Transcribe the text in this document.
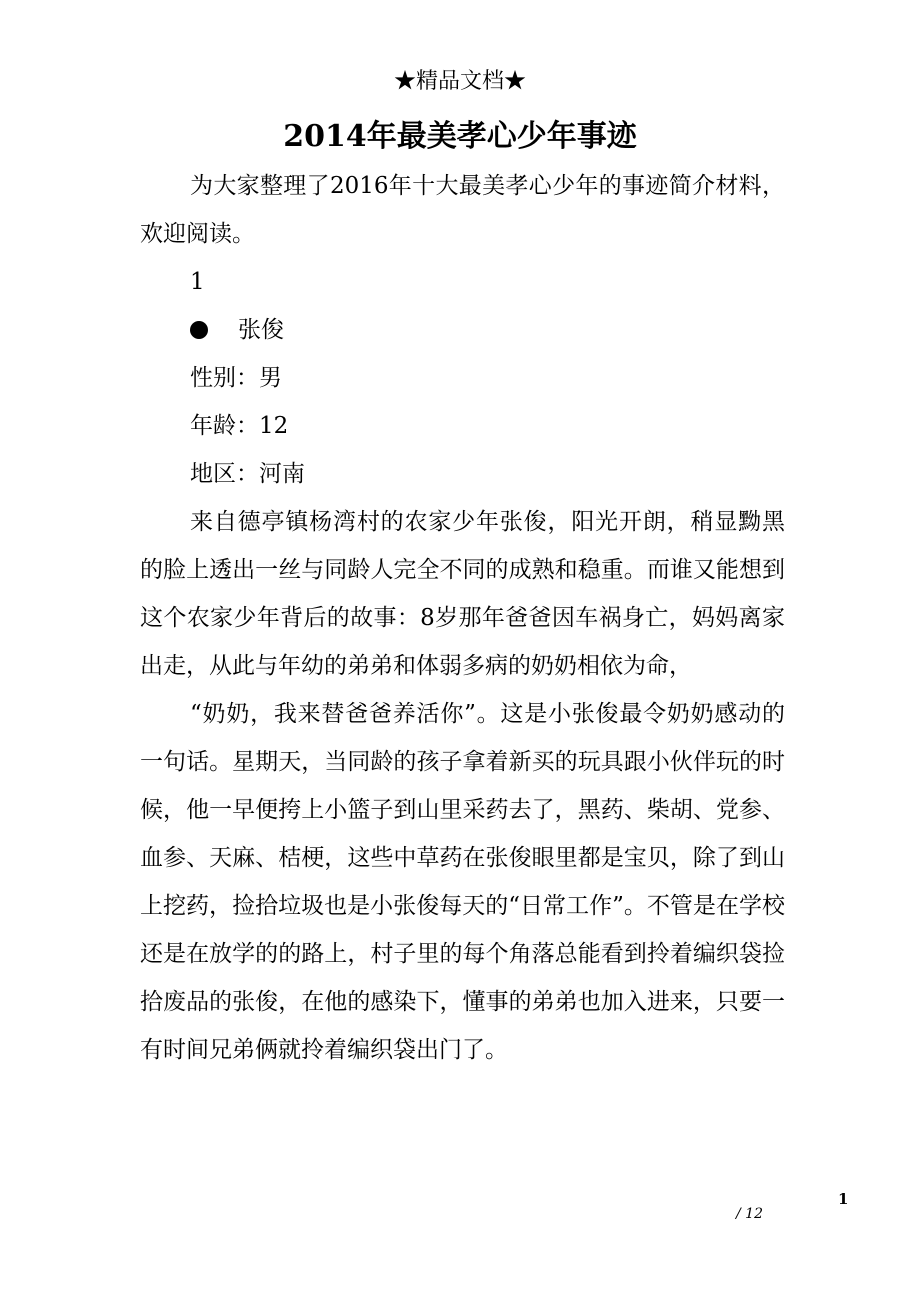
★精品文档★
2014年最美孝心少年事迹

为大家整理了2016年十大最美孝心少年的事迹简介材料，欢迎阅读。

1

张俊

性别：男

年龄：12

地区：河南

来自德亭镇杨湾村的农家少年张俊，阳光开朗，稍显黝黑的脸上透出一丝与同龄人完全不同的成熟和稳重。而谁又能想到这个农家少年背后的故事：8岁那年爸爸因车祸身亡，妈妈离家出走，从此与年幼的弟弟和体弱多病的奶奶相依为命，

“奶奶，我来替爸爸养活你”。这是小张俊最令奶奶感动的一句话。星期天，当同龄的孩子拿着新买的玩具跟小伙伴玩的时候，他一早便挎上小篮子到山里采药去了，黑药、柴胡、党参、血参、天麻、桔梗，这些中草药在张俊眼里都是宝贝，除了到山上挖药，捡拾垃圾也是小张俊每天的“日常工作”。不管是在学校还是在放学的的路上，村子里的每个角落总能看到拎着编织袋捡拾废品的张俊，在他的感染下，懂事的弟弟也加入进来，只要一有时间兄弟俩就拎着编织袋出门了。

1
/ 12
